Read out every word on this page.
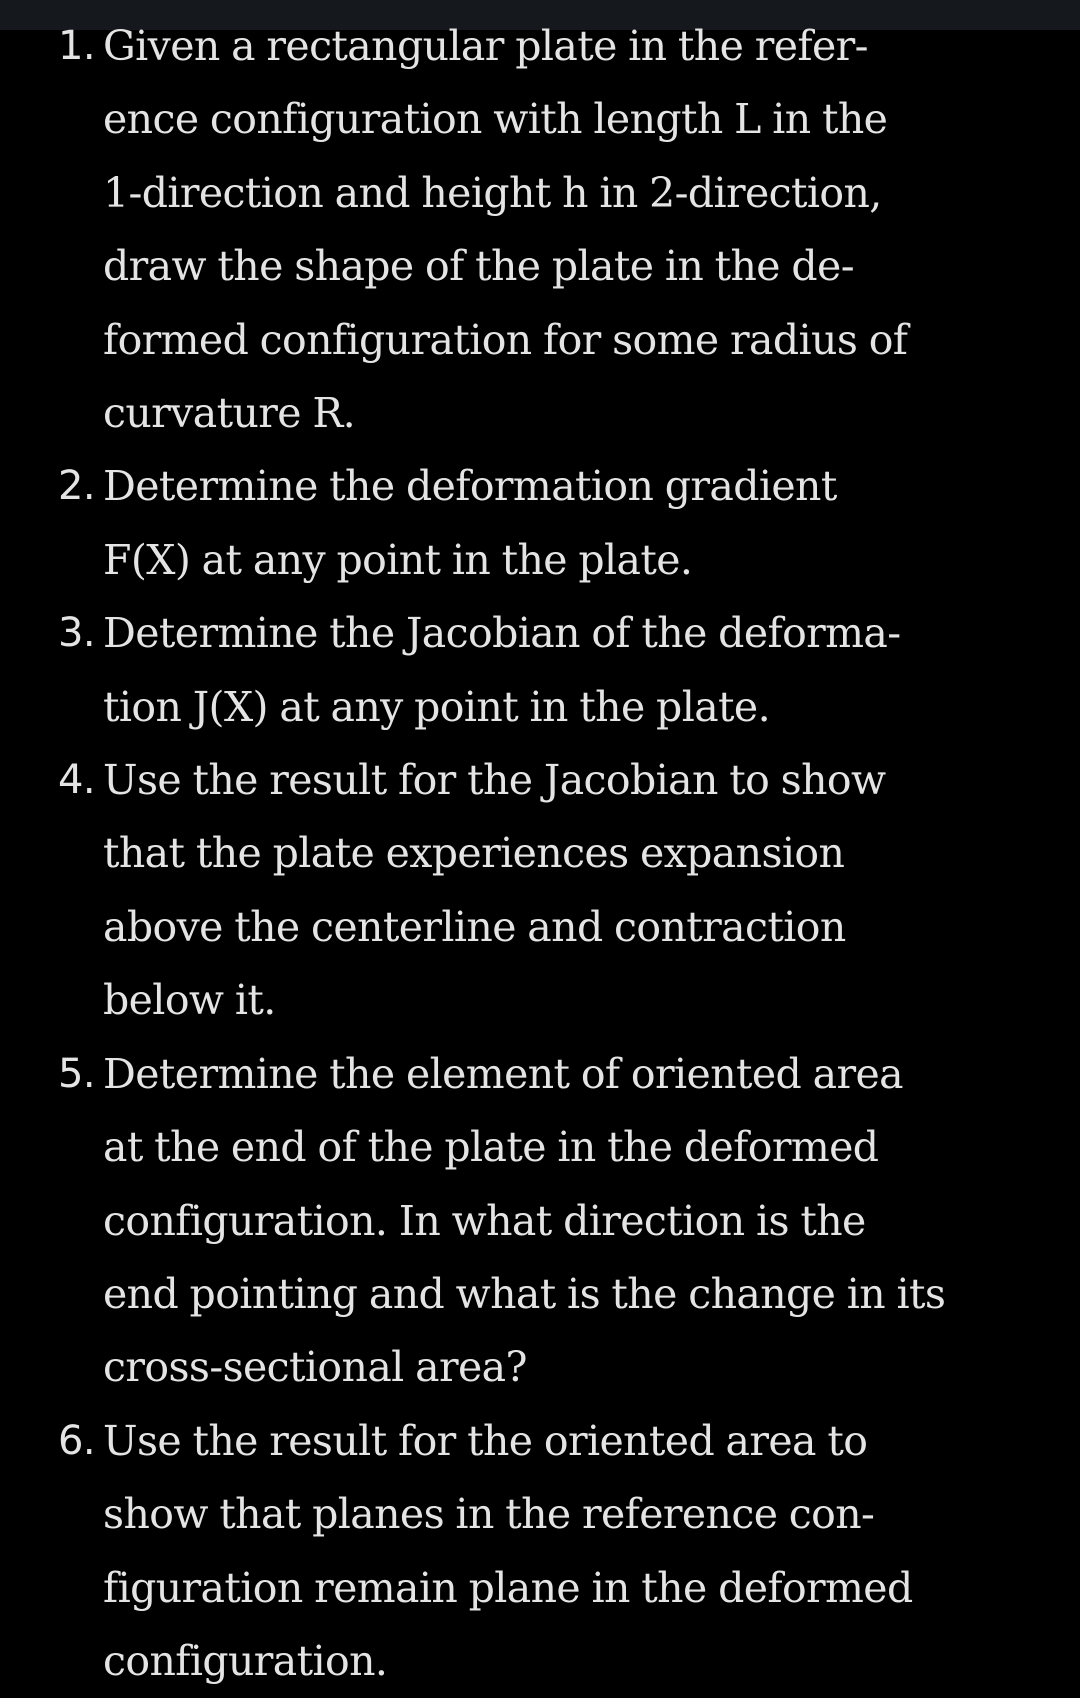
1. Given a rectangular plate in the refer-
ence configuration with length L in the
1-direction and height h in 2-direction,
draw the shape of the plate in the de-
formed configuration for some radius of
curvature R.
2. Determine the deformation gradient
F(X) at any point in the plate.
3. Determine the Jacobian of the deforma-
tion J(X) at any point in the plate.
4. Use the result for the Jacobian to show
that the plate experiences expansion
above the centerline and contraction
below it.
5. Determine the element of oriented area
at the end of the plate in the deformed
configuration. In what direction is the
end pointing and what is the change in its
cross-sectional area?
6. Use the result for the oriented area to
show that planes in the reference con-
figuration remain plane in the deformed
configuration.
